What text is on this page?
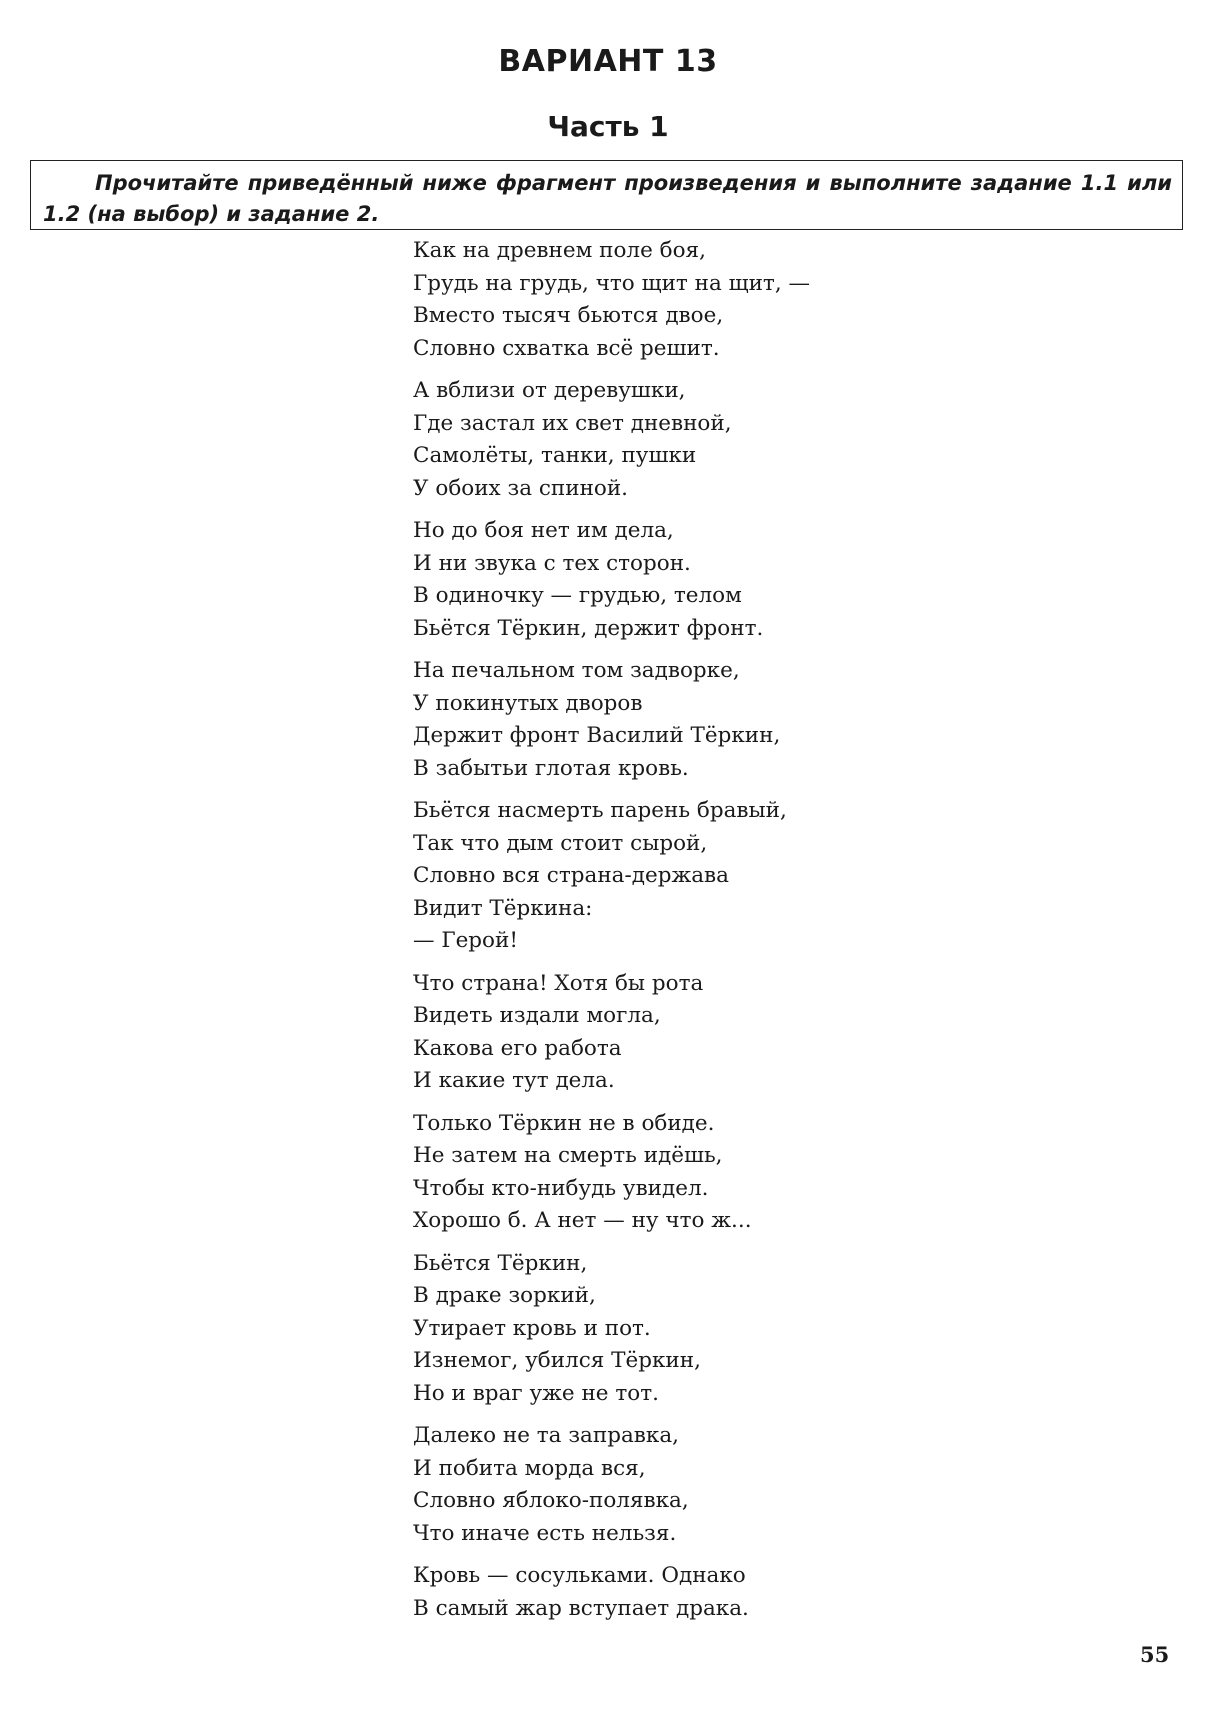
ВАРИАНТ 13
Часть 1
Прочитайте приведённый ниже фрагмент произведения и выполните задание 1.1 или 1.2 (на выбор) и задание 2.
Как на древнем поле боя,
Грудь на грудь, что щит на щит, —
Вместо тысяч бьются двое,
Словно схватка всё решит.
А вблизи от деревушки,
Где застал их свет дневной,
Самолёты, танки, пушки
У обоих за спиной.
Но до боя нет им дела,
И ни звука с тех сторон.
В одиночку — грудью, телом
Бьётся Тёркин, держит фронт.
На печальном том задворке,
У покинутых дворов
Держит фронт Василий Тёркин,
В забытьи глотая кровь.
Бьётся насмерть парень бравый,
Так что дым стоит сырой,
Словно вся страна-держава
Видит Тёркина:
— Герой!
Что страна! Хотя бы рота
Видеть издали могла,
Какова его работа
И какие тут дела.
Только Тёркин не в обиде.
Не затем на смерть идёшь,
Чтобы кто-нибудь увидел.
Хорошо б. А нет — ну что ж...
Бьётся Тёркин,
В драке зоркий,
Утирает кровь и пот.
Изнемог, убился Тёркин,
Но и враг уже не тот.
Далеко не та заправка,
И побита морда вся,
Словно яблоко-полявка,
Что иначе есть нельзя.
Кровь — сосульками. Однако
В самый жар вступает драка.
55
